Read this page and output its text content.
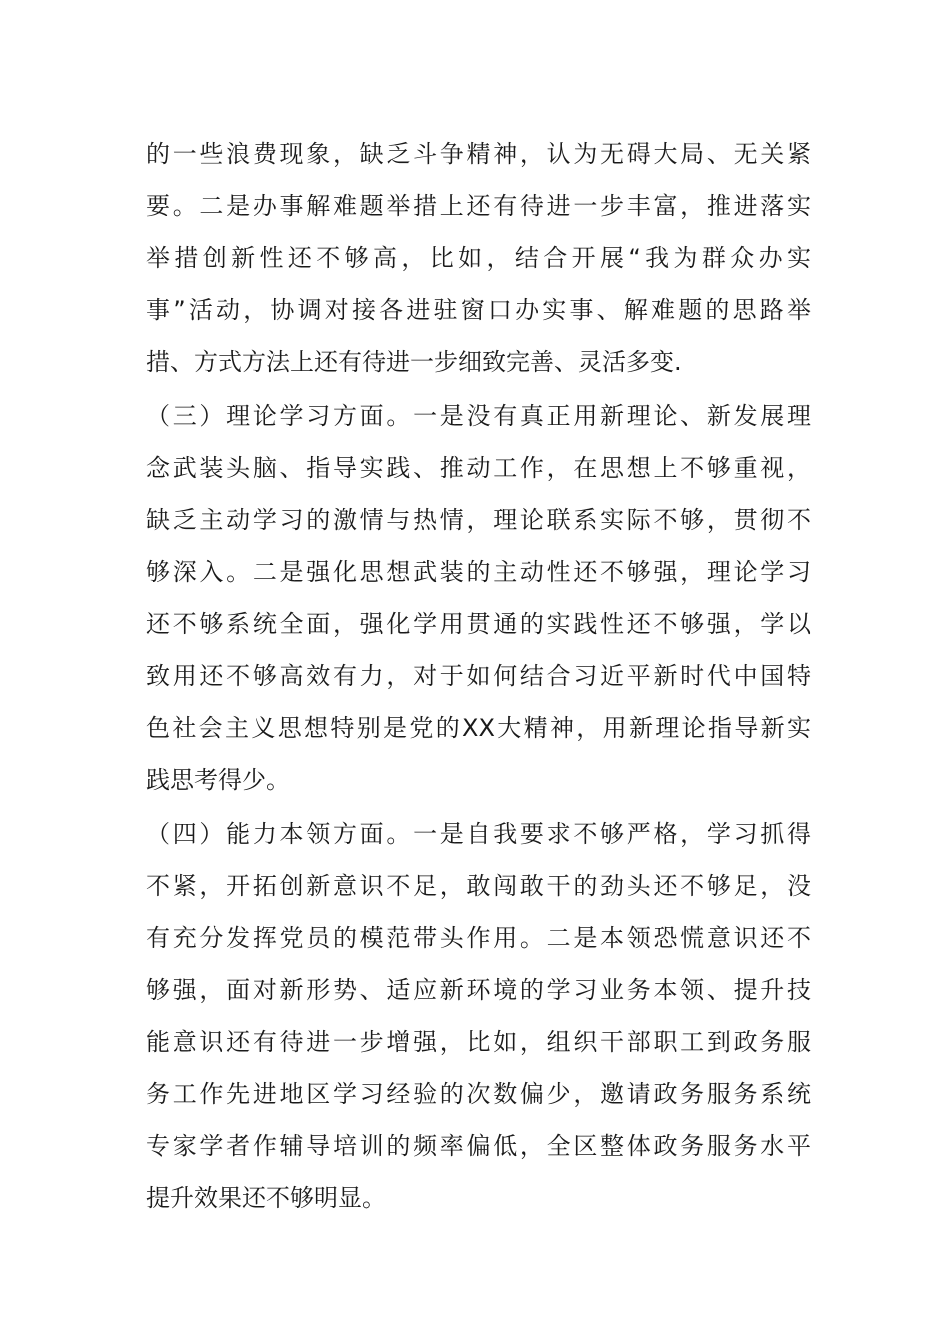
的一些浪费现象，缺乏斗争精神，认为无碍大局、无关紧
要。二是办事解难题举措上还有待进一步丰富，推进落实
举措创新性还不够高，比如，结合开展“我为群众办实
事”活动，协调对接各进驻窗口办实事、解难题的思路举
措、方式方法上还有待进一步细致完善、灵活多变.
（三）理论学习方面。一是没有真正用新理论、新发展理
念武装头脑、指导实践、推动工作，在思想上不够重视，
缺乏主动学习的激情与热情，理论联系实际不够，贯彻不
够深入。二是强化思想武装的主动性还不够强，理论学习
还不够系统全面，强化学用贯通的实践性还不够强，学以
致用还不够高效有力，对于如何结合习近平新时代中国特
色社会主义思想特别是党的XX大精神，用新理论指导新实
践思考得少。
（四）能力本领方面。一是自我要求不够严格，学习抓得
不紧，开拓创新意识不足，敢闯敢干的劲头还不够足，没
有充分发挥党员的模范带头作用。二是本领恐慌意识还不
够强，面对新形势、适应新环境的学习业务本领、提升技
能意识还有待进一步增强，比如，组织干部职工到政务服
务工作先进地区学习经验的次数偏少，邀请政务服务系统
专家学者作辅导培训的频率偏低，全区整体政务服务水平
提升效果还不够明显。
